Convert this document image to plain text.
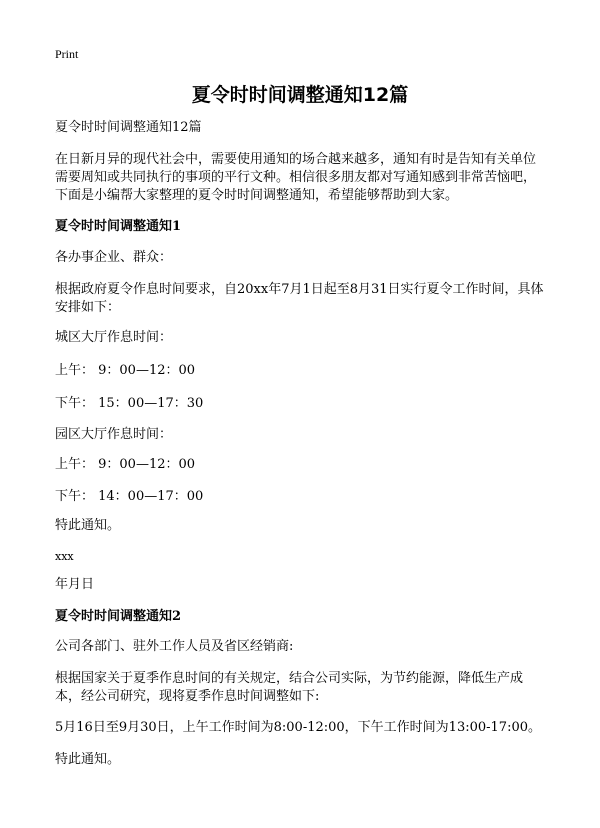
Print
夏令时时间调整通知12篇
夏令时时间调整通知12篇
在日新月异的现代社会中，需要使用通知的场合越来越多，通知有时是告知有关单位需要周知或共同执行的事项的平行文种。相信很多朋友都对写通知感到非常苦恼吧，下面是小编帮大家整理的夏令时时间调整通知，希望能够帮助到大家。
夏令时时间调整通知1
各办事企业、群众：
根据政府夏令作息时间要求，自20xx年7月1日起至8月31日实行夏令工作时间，具体安排如下：
城区大厅作息时间：
上午： 9：00—12：00
下午： 15：00—17：30
园区大厅作息时间：
上午： 9：00—12：00
下午： 14：00—17：00
特此通知。
xxx
年月日
夏令时时间调整通知2
公司各部门、驻外工作人员及省区经销商:
根据国家关于夏季作息时间的有关规定，结合公司实际，为节约能源，降低生产成本，经公司研究，现将夏季作息时间调整如下:
5月16日至9月30日，上午工作时间为8:00-12:00，下午工作时间为13:00-17:00。
特此通知。
